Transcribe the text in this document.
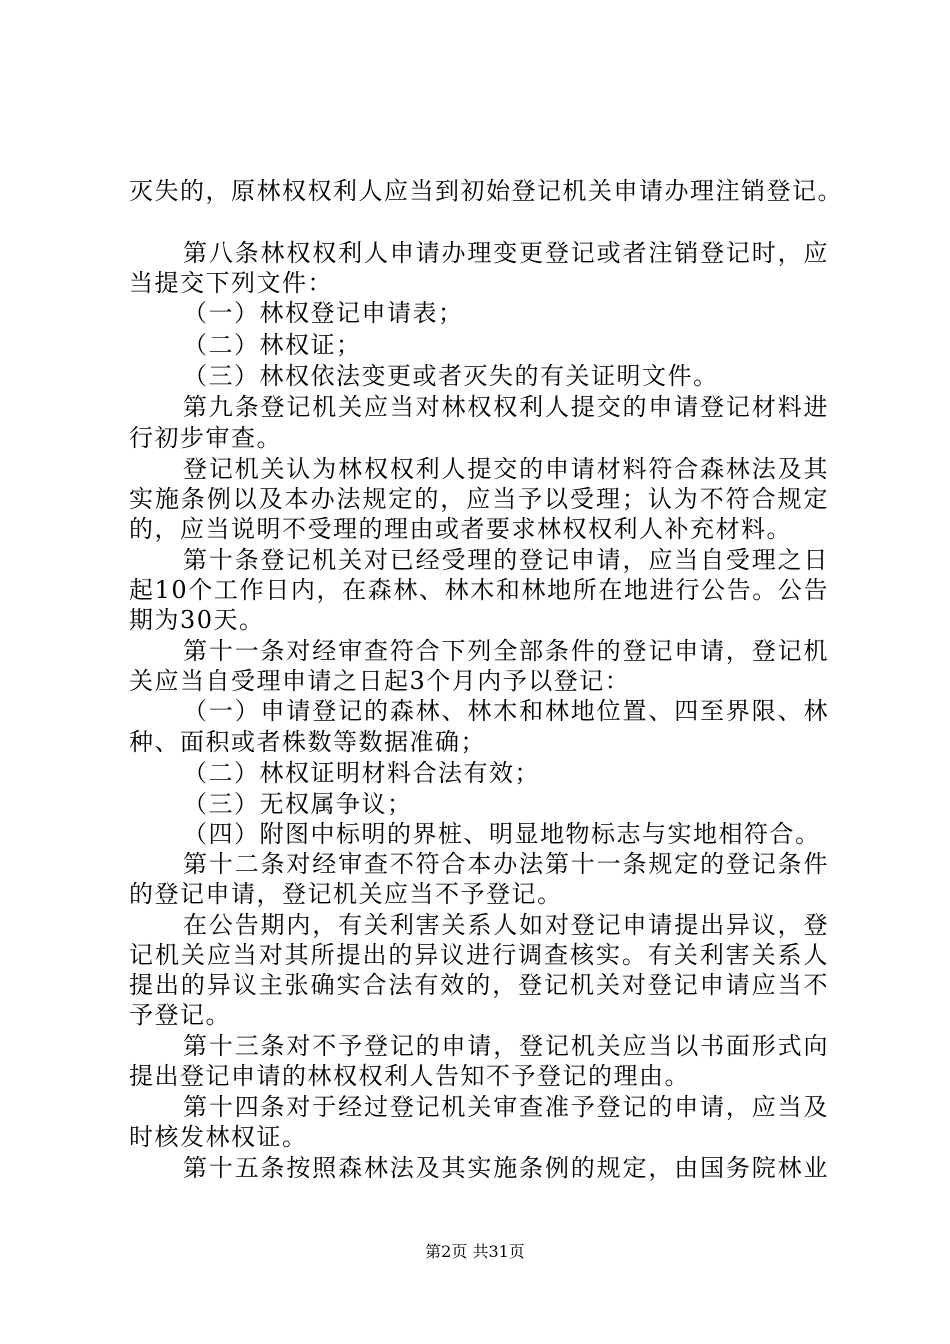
灭失的，原林权权利人应当到初始登记机关申请办理注销登记。
第八条林权权利人申请办理变更登记或者注销登记时，应
当提交下列文件：
（一）林权登记申请表；
（二）林权证；
（三）林权依法变更或者灭失的有关证明文件。
第九条登记机关应当对林权权利人提交的申请登记材料进
行初步审查。
登记机关认为林权权利人提交的申请材料符合森林法及其
实施条例以及本办法规定的，应当予以受理；认为不符合规定
的，应当说明不受理的理由或者要求林权权利人补充材料。
第十条登记机关对已经受理的登记申请，应当自受理之日
起10个工作日内，在森林、林木和林地所在地进行公告。公告
期为30天。
第十一条对经审查符合下列全部条件的登记申请，登记机
关应当自受理申请之日起3个月内予以登记：
（一）申请登记的森林、林木和林地位置、四至界限、林
种、面积或者株数等数据准确；
（二）林权证明材料合法有效；
（三）无权属争议；
（四）附图中标明的界桩、明显地物标志与实地相符合。
第十二条对经审查不符合本办法第十一条规定的登记条件
的登记申请，登记机关应当不予登记。
在公告期内，有关利害关系人如对登记申请提出异议，登
记机关应当对其所提出的异议进行调查核实。有关利害关系人
提出的异议主张确实合法有效的，登记机关对登记申请应当不
予登记。
第十三条对不予登记的申请，登记机关应当以书面形式向
提出登记申请的林权权利人告知不予登记的理由。
第十四条对于经过登记机关审查准予登记的申请，应当及
时核发林权证。
第十五条按照森林法及其实施条例的规定，由国务院林业
第2页 共31页
